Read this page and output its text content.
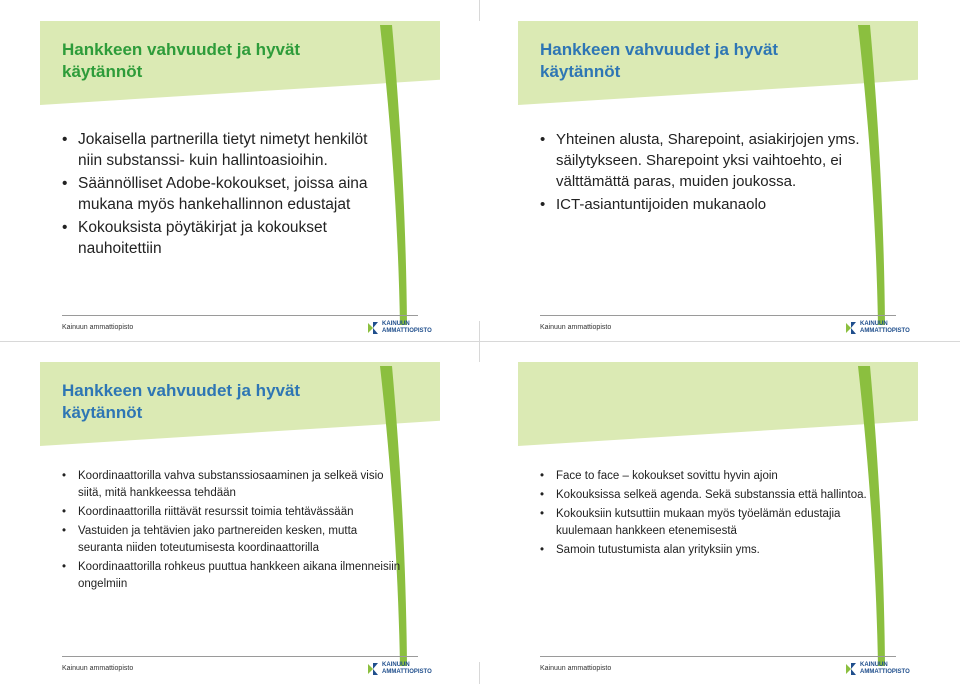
Hankkeen vahvuudet ja hyvät käytännöt
• Jokaisella partnerilla tietyt nimetyt henkilöt niin substanssi- kuin hallintoasioihin.
• Säännölliset Adobe-kokoukset, joissa aina mukana myös hankehallinnon edustajat
• Kokouksista pöytäkirjat ja kokoukset nauhoitettiin
Kainuun ammattiopisto	KAINUUN
AMMATTIOPISTO
Hankkeen vahvuudet ja hyvät käytännöt
• Yhteinen alusta, Sharepoint, asiakirjojen yms. säilytykseen. Sharepoint yksi vaihtoehto, ei välttämättä paras, muiden joukossa.
• ICT-asiantuntijoiden mukanaolo
Kainuun ammattiopisto	KAINUUN
AMMATTIOPISTO
Hankkeen vahvuudet ja hyvät käytännöt
• Koordinaattorilla vahva substanssiosaaminen ja selkeä visio siitä, mitä hankkeessa tehdään
• Koordinaattorilla riittävät resurssit toimia tehtävässään
• Vastuiden ja tehtävien jako partnereiden kesken, mutta seuranta niiden toteutumisesta koordinaattorilla
• Koordinaattorilla rohkeus puuttua hankkeen aikana ilmenneisiin ongelmiin
Kainuun ammattiopisto	KAINUUN
AMMATTIOPISTO
• Face to face – kokoukset sovittu hyvin ajoin
• Kokouksissa selkeä agenda. Sekä substanssia että hallintoa.
• Kokouksiin kutsuttiin mukaan myös työelämän edustajia kuulemaan hankkeen etenemisestä
• Samoin tutustumista alan yrityksiin yms.
Kainuun ammattiopisto	KAINUUN
AMMATTIOPISTO
